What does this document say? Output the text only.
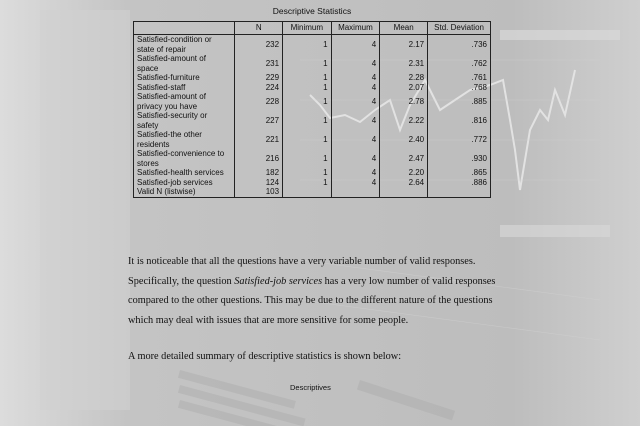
Descriptive Statistics
	N	Minimum	Maximum	Mean	Std. Deviation

Satisfied-condition or
state of repair	232	1	4	2.17	.736

Satisfied-amount of
space	231	1	4	2.31	.762

Satisfied-furniture	229	1	4	2.28	.761

Satisfied-staff	224	1	4	2.07	.768

Satisfied-amount of
privacy you have	228	1	4	2.78	.885

Satisfied-security or
safety	227	1	4	2.22	.816

Satisfied-the other
residents	221	1	4	2.40	.772

Satisfied-convenience to
stores	216	1	4	2.47	.930

Satisfied-health services	182	1	4	2.20	.865

Satisfied-job services	124	1	4	2.64	.886

Valid N (listwise)	103				

It is noticeable that all the questions have a very variable number of valid responses.

Specifically, the question Satisfied-job services has a very low number of valid responses

compared to the other questions. This may be due to the different nature of the questions

which may deal with issues that are more sensitive for some people.

A more detailed summary of descriptive statistics is shown below:

Descriptives
